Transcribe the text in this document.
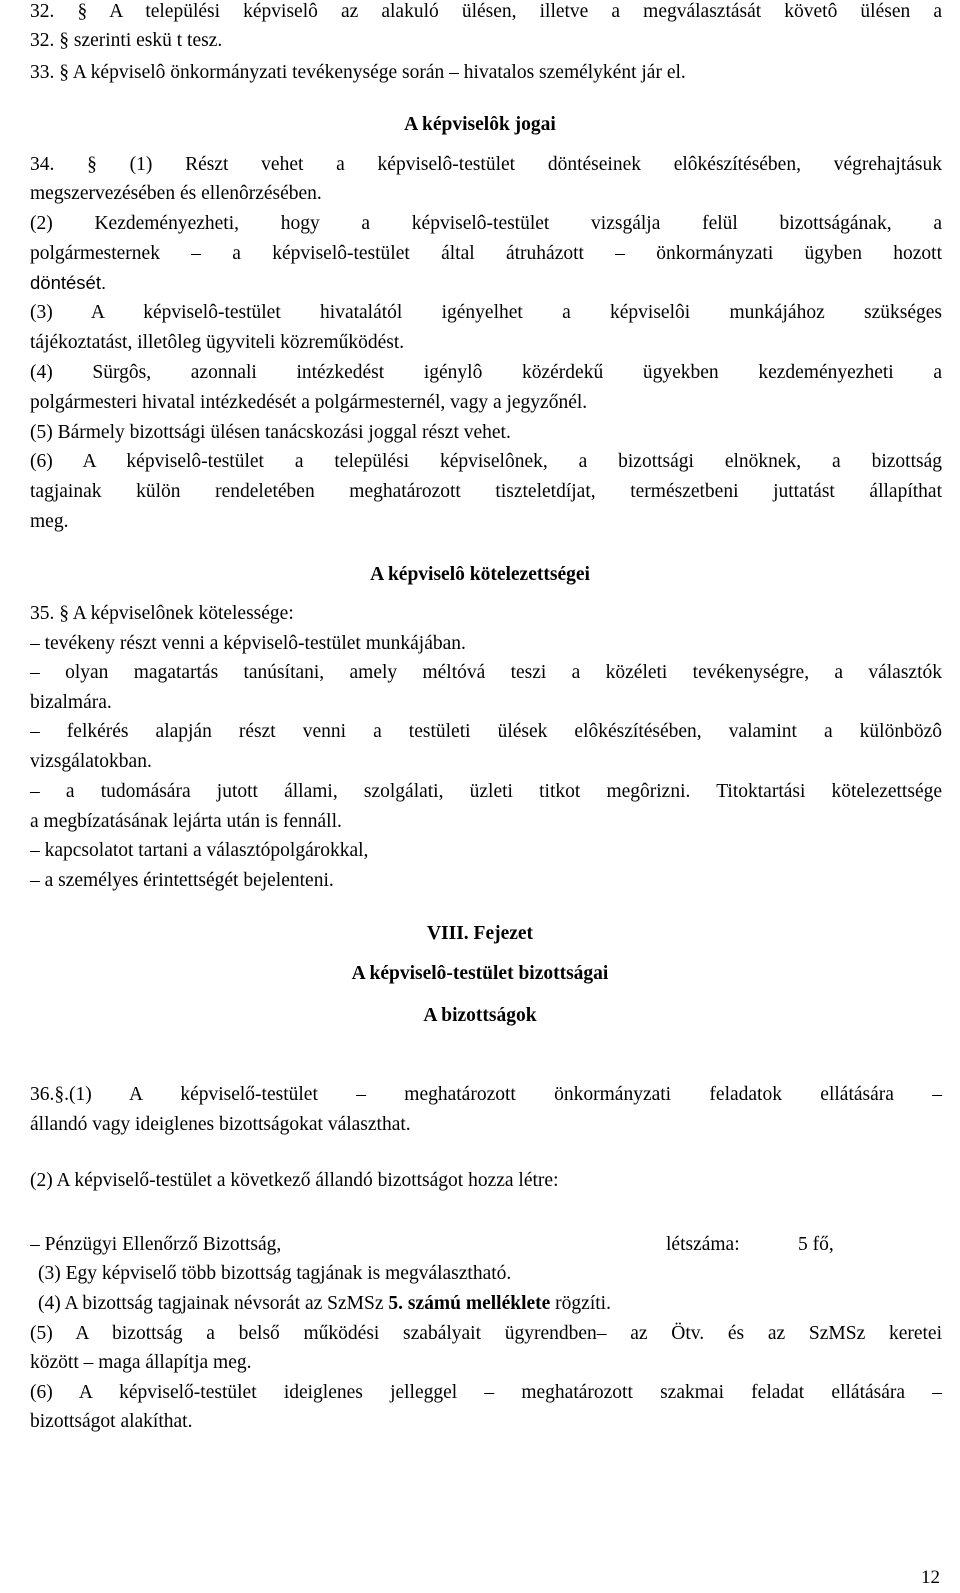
32. § A települési képviselô az alakuló ülésen, illetve a megválasztását követô ülésen a
32. § szerinti eskü t tesz.
33. § A képviselô önkormányzati tevékenysége során – hivatalos személyként jár el.
A képviselôk jogai
34. § (1) Részt vehet a képviselô-testület döntéseinek elôkészítésében, végrehajtásuk
megszervezésében és ellenôrzésében.
(2) Kezdeményezheti, hogy a képviselô-testület vizsgálja felül bizottságának, a
polgármesternek – a képviselô-testület által átruházott – önkormányzati ügyben hozott
döntését.
(3) A képviselô-testület hivatalától igényelhet a képviselôi munkájához szükséges
tájékoztatást, illetôleg ügyviteli közreműködést.
(4) Sürgôs, azonnali intézkedést igénylô közérdekű ügyekben kezdeményezheti a
polgármesteri hivatal intézkedését a polgármesternél, vagy a jegyzőnél.
(5) Bármely bizottsági ülésen tanácskozási joggal részt vehet.
(6) A képviselô-testület a települési képviselônek, a bizottsági elnöknek, a bizottság
tagjainak külön rendeletében meghatározott tiszteletdíjat, természetbeni juttatást állapíthat
meg.
A képviselô kötelezettségei
35. § A képviselônek kötelessége:
– tevékeny részt venni a képviselô-testület munkájában.
– olyan magatartás tanúsítani, amely méltóvá teszi a közéleti tevékenységre, a választók
bizalmára.
– felkérés alapján részt venni a testületi ülések elôkészítésében, valamint a különbözô
vizsgálatokban.
– a tudomására jutott állami, szolgálati, üzleti titkot megôrizni. Titoktartási kötelezettsége
a megbízatásának lejárta után is fennáll.
– kapcsolatot tartani a választópolgárokkal,
– a személyes érintettségét bejelenteni.
VIII. Fejezet
A képviselô-testület bizottságai
A bizottságok
36.§.(1) A képviselő-testület – meghatározott önkormányzati feladatok ellátására –
állandó vagy ideiglenes bizottságokat választhat.
(2) A képviselő-testület a következő állandó bizottságot hozza létre:
– Pénzügyi Ellenőrző Bizottság,	létszáma:	5 fő,
(3) Egy képviselő több bizottság tagjának is megválasztható.
(4) A bizottság tagjainak névsorát az SzMSz 5. számú melléklete rögzíti.
(5) A bizottság a belső működési szabályait ügyrendben– az Ötv. és az SzMSz keretei
között – maga állapítja meg.
(6) A képviselő-testület ideiglenes jelleggel – meghatározott szakmai feladat ellátására –
bizottságot alakíthat.
12
